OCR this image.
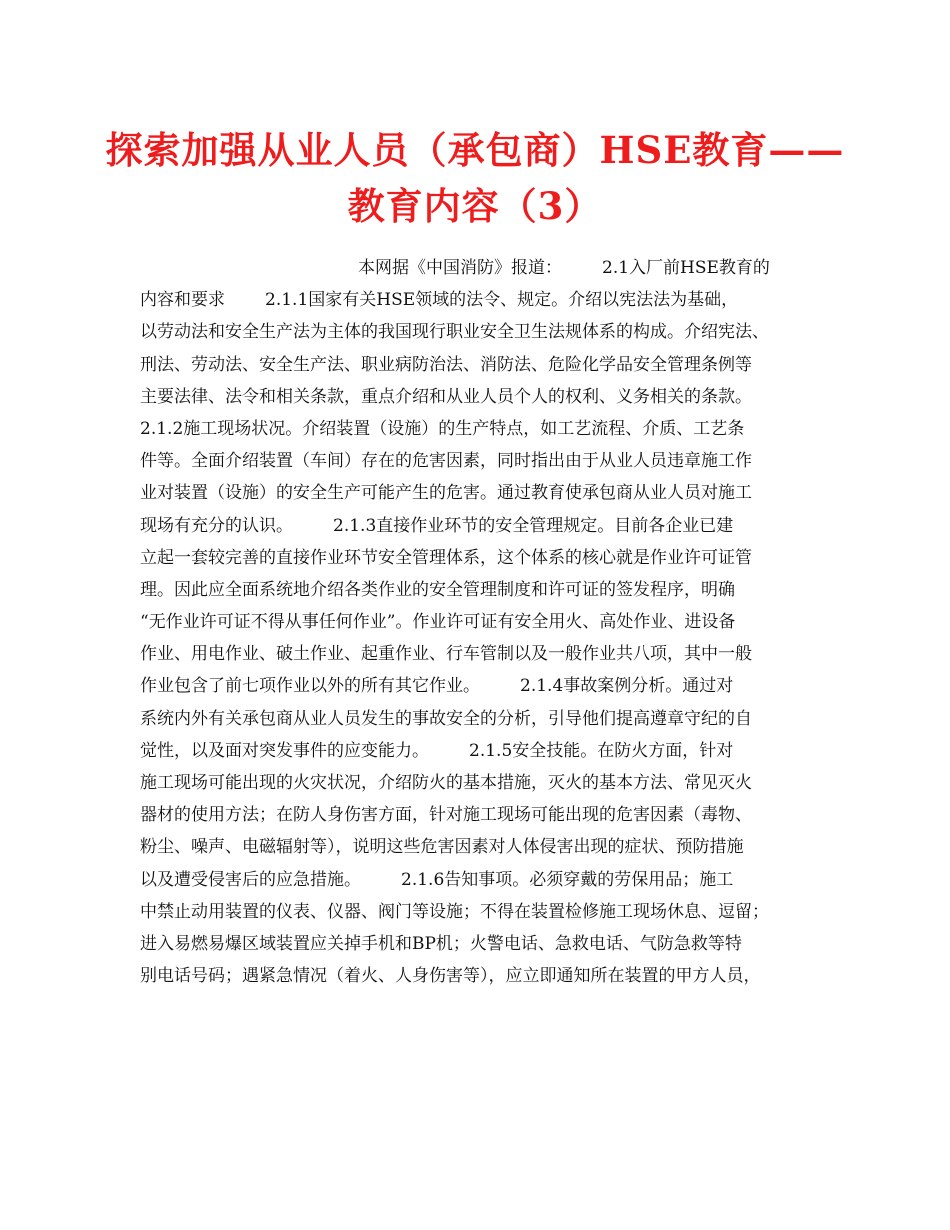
探索加强从业人员（承包商）HSE教育——
教育内容（3）
本网据《中国消防》报道： 2.1入厂前HSE教育的
内容和要求 2.1.1国家有关HSE领域的法令、规定。介绍以宪法法为基础，
以劳动法和安全生产法为主体的我国现行职业安全卫生法规体系的构成。介绍宪法、
刑法、劳动法、安全生产法、职业病防治法、消防法、危险化学品安全管理条例等
主要法律、法令和相关条款，重点介绍和从业人员个人的权利、义务相关的条款。
2.1.2施工现场状况。介绍装置（设施）的生产特点，如工艺流程、介质、工艺条
件等。全面介绍装置（车间）存在的危害因素，同时指出由于从业人员违章施工作
业对装置（设施）的安全生产可能产生的危害。通过教育使承包商从业人员对施工
现场有充分的认识。 2.1.3直接作业环节的安全管理规定。目前各企业已建
立起一套较完善的直接作业环节安全管理体系，这个体系的核心就是作业许可证管
理。因此应全面系统地介绍各类作业的安全管理制度和许可证的签发程序，明确
“无作业许可证不得从事任何作业”。作业许可证有安全用火、高处作业、进设备
作业、用电作业、破土作业、起重作业、行车管制以及一般作业共八项，其中一般
作业包含了前七项作业以外的所有其它作业。 2.1.4事故案例分析。通过对
系统内外有关承包商从业人员发生的事故安全的分析，引导他们提高遵章守纪的自
觉性，以及面对突发事件的应变能力。 2.1.5安全技能。在防火方面，针对
施工现场可能出现的火灾状况，介绍防火的基本措施，灭火的基本方法、常见灭火
器材的使用方法；在防人身伤害方面，针对施工现场可能出现的危害因素（毒物、
粉尘、噪声、电磁辐射等），说明这些危害因素对人体侵害出现的症状、预防措施
以及遭受侵害后的应急措施。 2.1.6告知事项。必须穿戴的劳保用品；施工
中禁止动用装置的仪表、仪器、阀门等设施；不得在装置检修施工现场休息、逗留；
进入易燃易爆区域装置应关掉手机和BP机；火警电话、急救电话、气防急救等特
别电话号码；遇紧急情况（着火、人身伤害等），应立即通知所在装置的甲方人员，
